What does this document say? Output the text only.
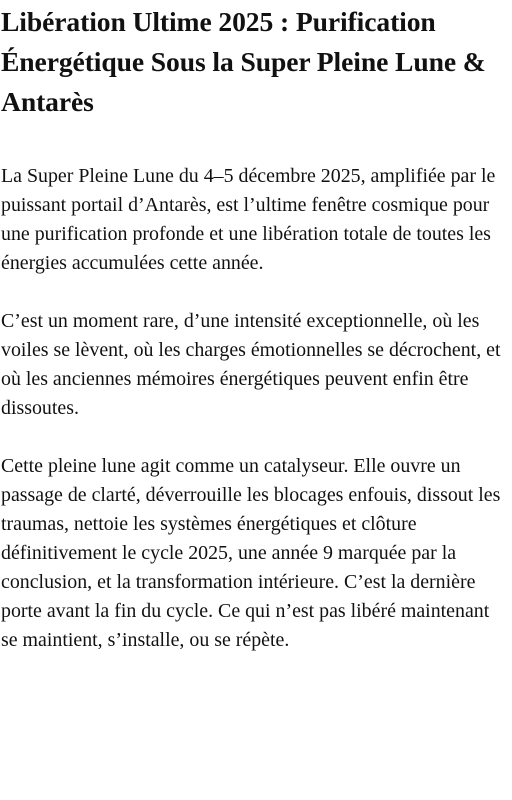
Libération Ultime 2025 : Purification Énergétique Sous la Super Pleine Lune & Antarès

La Super Pleine Lune du 4–5 décembre 2025, amplifiée par le puissant portail d’Antarès, est l’ultime fenêtre cosmique pour une purification profonde et une libération totale de toutes les énergies accumulées cette année.

C’est un moment rare, d’une intensité exceptionnelle, où les voiles se lèvent, où les charges émotionnelles se décrochent, et où les anciennes mémoires énergétiques peuvent enfin être dissoutes.

Cette pleine lune agit comme un catalyseur. Elle ouvre un passage de clarté, déverrouille les blocages enfouis, dissout les traumas, nettoie les systèmes énergétiques et clôture définitivement le cycle 2025, une année 9 marquée par la conclusion, et la transformation intérieure. C’est la dernière porte avant la fin du cycle. Ce qui n’est pas libéré maintenant se maintient, s’installe, ou se répète.
